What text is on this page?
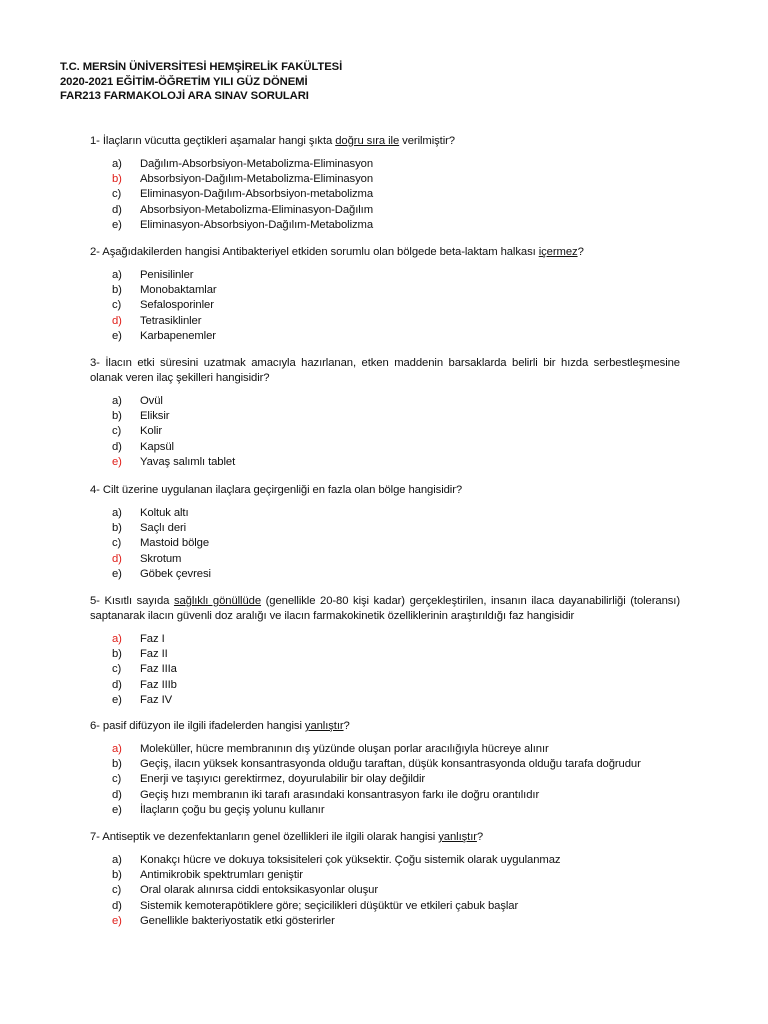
T.C. MERSİN ÜNİVERSİTESİ HEMŞİRELİK FAKÜLTESİ
2020-2021 EĞİTİM-ÖĞRETİM YILI GÜZ DÖNEMİ
FAR213 FARMAKOLOJİ ARA SINAV SORULARI

1- İlaçların vücutta geçtikleri aşamalar hangi şıkta doğru sıra ile verilmiştir?

a)	Dağılım-Absorbsiyon-Metabolizma-Eliminasyon
b)	Absorbsiyon-Dağılım-Metabolizma-Eliminasyon
c)	Eliminasyon-Dağılım-Absorbsiyon-metabolizma
d)	Absorbsiyon-Metabolizma-Eliminasyon-Dağılım
e)	Eliminasyon-Absorbsiyon-Dağılım-Metabolizma

2- Aşağıdakilerden hangisi Antibakteriyel etkiden sorumlu olan bölgede beta-laktam halkası içermez?

a)	Penisilinler
b)	Monobaktamlar
c)	Sefalosporinler
d)	Tetrasiklinler
e)	Karbapenemler

3- İlacın etki süresini uzatmak amacıyla hazırlanan, etken maddenin barsaklarda belirli bir hızda serbestleşmesine olanak veren ilaç şekilleri hangisidir?

a)	Ovül
b)	Eliksir
c)	Kolir
d)	Kapsül
e)	Yavaş salımlı tablet

4- Cilt üzerine uygulanan ilaçlara geçirgenliği en fazla olan bölge hangisidir?

a)	Koltuk altı
b)	Saçlı deri
c)	Mastoid bölge
d)	Skrotum
e)	Göbek çevresi

5- Kısıtlı sayıda sağlıklı gönüllüde (genellikle 20-80 kişi kadar) gerçekleştirilen, insanın ilaca dayanabilirliği (toleransı) saptanarak ilacın güvenli doz aralığı ve ilacın farmakokinetik özelliklerinin araştırıldığı faz hangisidir

a)	Faz I
b)	Faz II
c)	Faz IIIa
d)	Faz IIIb
e)	Faz IV

6- pasif difüzyon ile ilgili ifadelerden hangisi yanlıştır?

a)	Moleküller, hücre membranının dış yüzünde oluşan porlar aracılığıyla hücreye alınır
b)	Geçiş, ilacın yüksek konsantrasyonda olduğu taraftan, düşük konsantrasyonda olduğu tarafa doğrudur
c)	Enerji ve taşıyıcı gerektirmez, doyurulabilir bir olay değildir
d)	Geçiş hızı membranın iki tarafı arasındaki konsantrasyon farkı ile doğru orantılıdır
e)	İlaçların çoğu bu geçiş yolunu kullanır

7- Antiseptik ve dezenfektanların genel özellikleri ile ilgili olarak hangisi yanlıştır?

a)	Konakçı hücre ve dokuya toksisiteleri çok yüksektir. Çoğu sistemik olarak uygulanmaz
b)	Antimikrobik spektrumları geniştir
c)	Oral olarak alınırsa ciddi entoksikasyonlar oluşur
d)	Sistemik kemoterapötiklere göre; seçicilikleri düşüktür ve etkileri çabuk başlar
e)	Genellikle bakteriyostatik etki gösterirler
